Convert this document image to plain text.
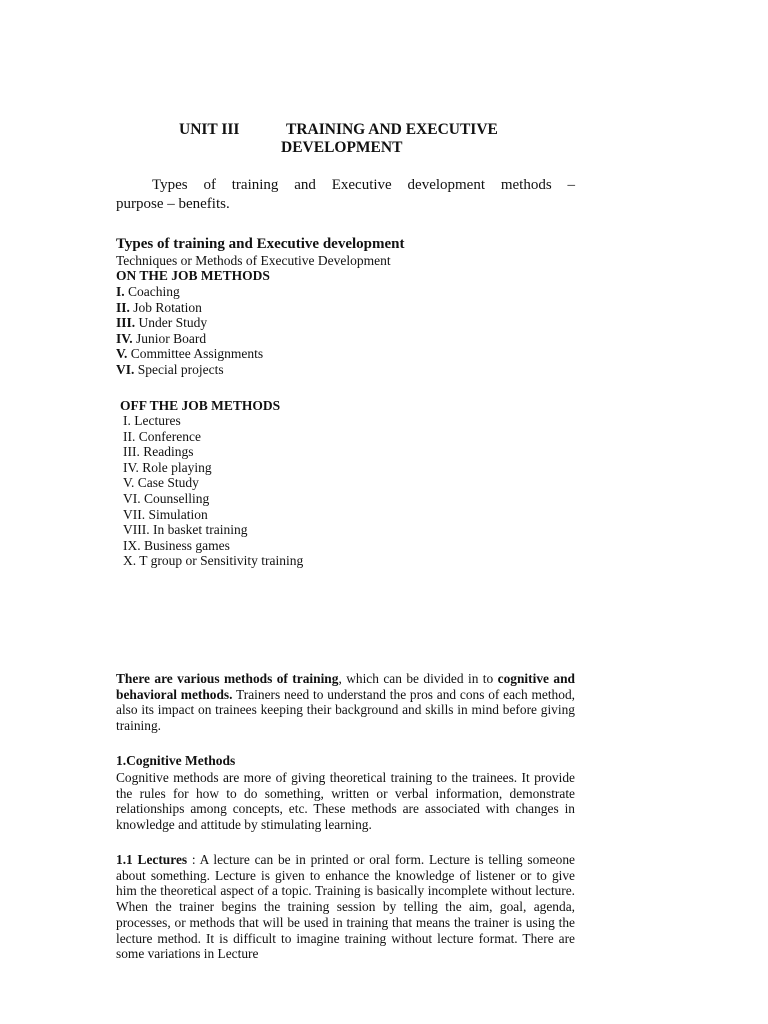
UNIT III	TRAINING AND EXECUTIVE
DEVELOPMENT
Types of training and Executive development methods –
purpose – benefits.
Types of training and Executive development
Techniques or Methods of Executive Development
ON THE JOB METHODS
I. Coaching
II. Job Rotation
III. Under Study
IV. Junior Board
V. Committee Assignments
VI. Special projects
OFF THE JOB METHODS
I. Lectures
II. Conference
III. Readings
IV. Role playing
V. Case Study
VI. Counselling
VII. Simulation
VIII. In basket training
IX. Business games
X. T group or Sensitivity training
There are various methods of training, which can be divided in to cognitive and behavioral methods. Trainers need to understand the pros and cons of each method, also its impact on trainees keeping their background and skills in mind before giving training.
1.Cognitive Methods
Cognitive methods are more of giving theoretical training to the trainees. It provide the rules for how to do something, written or verbal information, demonstrate relationships among concepts, etc. These methods are associated with changes in knowledge and attitude by stimulating learning.
1.1 Lectures : A lecture can be in printed or oral form. Lecture is telling someone about something. Lecture is given to enhance the knowledge of listener or to give him the theoretical aspect of a topic. Training is basically incomplete without lecture. When the trainer begins the training session by telling the aim, goal, agenda, processes, or methods that will be used in training that means the trainer is using the lecture method. It is difficult to imagine training without lecture format. There are some variations in Lecture
